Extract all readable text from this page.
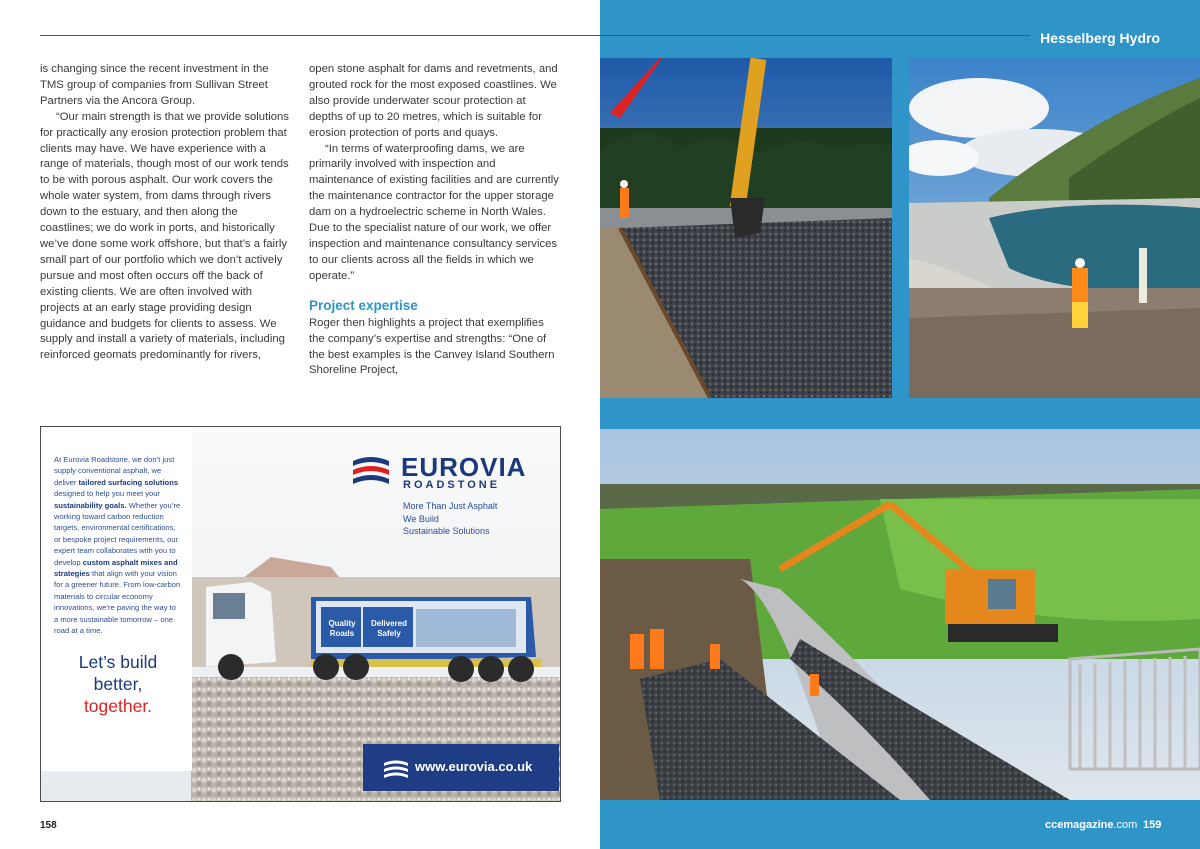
Hesselberg Hydro

is changing since the recent investment in the TMS group of companies from Sullivan Street Partners via the Ancora Group.

“Our main strength is that we provide solutions for practically any erosion protection problem that clients may have. We have experience with a range of materials, though most of our work tends to be with porous asphalt. Our work covers the whole water system, from dams through rivers down to the estuary, and then along the coastlines; we do work in ports, and historically we’ve done some work offshore, but that’s a fairly small part of our portfolio which we don’t actively pursue and most often occurs off the back of existing clients. We are often involved with projects at an early stage providing design guidance and budgets for clients to assess. We supply and install a variety of materials, including reinforced geomats predominantly for rivers,

open stone asphalt for dams and revetments, and grouted rock for the most exposed coastlines. We also provide underwater scour protection at depths of up to 20 metres, which is suitable for erosion protection of ports and quays.

“In terms of waterproofing dams, we are primarily involved with inspection and maintenance of existing facilities and are currently the maintenance contractor for the upper storage dam on a hydroelectric scheme in North Wales. Due to the specialist nature of our work, we offer inspection and maintenance consultancy services to our clients across all the fields in which we operate.”

Project expertise

Roger then highlights a project that exemplifies the company’s expertise and strengths: “One of the best examples is the Canvey Island Southern Shoreline Project,

Quality Roads
Delivered Safely
At Eurovia Roadstone, we don’t just supply conventional asphalt, we deliver tailored surfacing solutions designed to help you meet your sustainability goals. Whether you’re working toward carbon reduction targets, environmental certifications, or bespoke project requirements, our expert team collaborates with you to develop custom asphalt mixes and strategies that align with your vision for a greener future. From low-carbon materials to circular economy innovations, we’re paving the way to a more sustainable tomorrow – one road at a time.
Let’s build
better,
together.
EUROVIA
ROADSTONE
More Than Just Asphalt
We Build
Sustainable Solutions
www.eurovia.co.uk
158	ccemagazine.com 159
